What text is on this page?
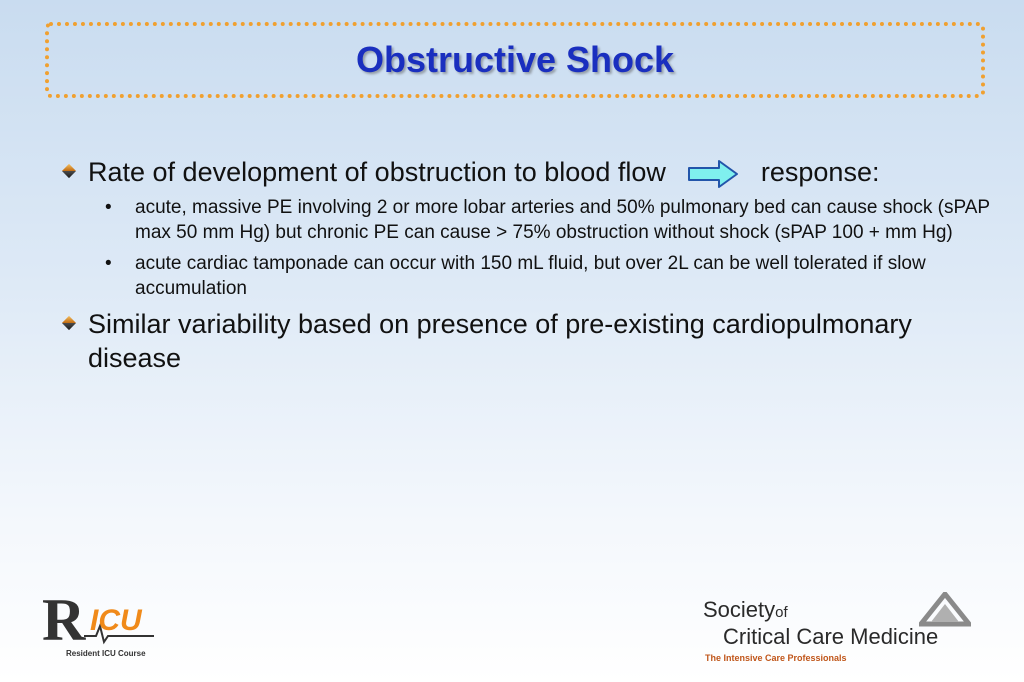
Obstructive Shock
Rate of development of obstruction to blood flow	response:
•	acute, massive PE involving 2 or more lobar arteries and 50% pulmonary bed can cause shock (sPAP max 50 mm Hg) but chronic PE can cause > 75% obstruction without shock (sPAP 100 + mm Hg)
•	acute cardiac tamponade can occur with 150 mL fluid, but over 2L can be well tolerated if slow accumulation
Similar variability based on presence of pre-existing cardiopulmonary disease
R ICU
Resident ICU Course
Societyof
Critical Care Medicine
The Intensive Care Professionals
